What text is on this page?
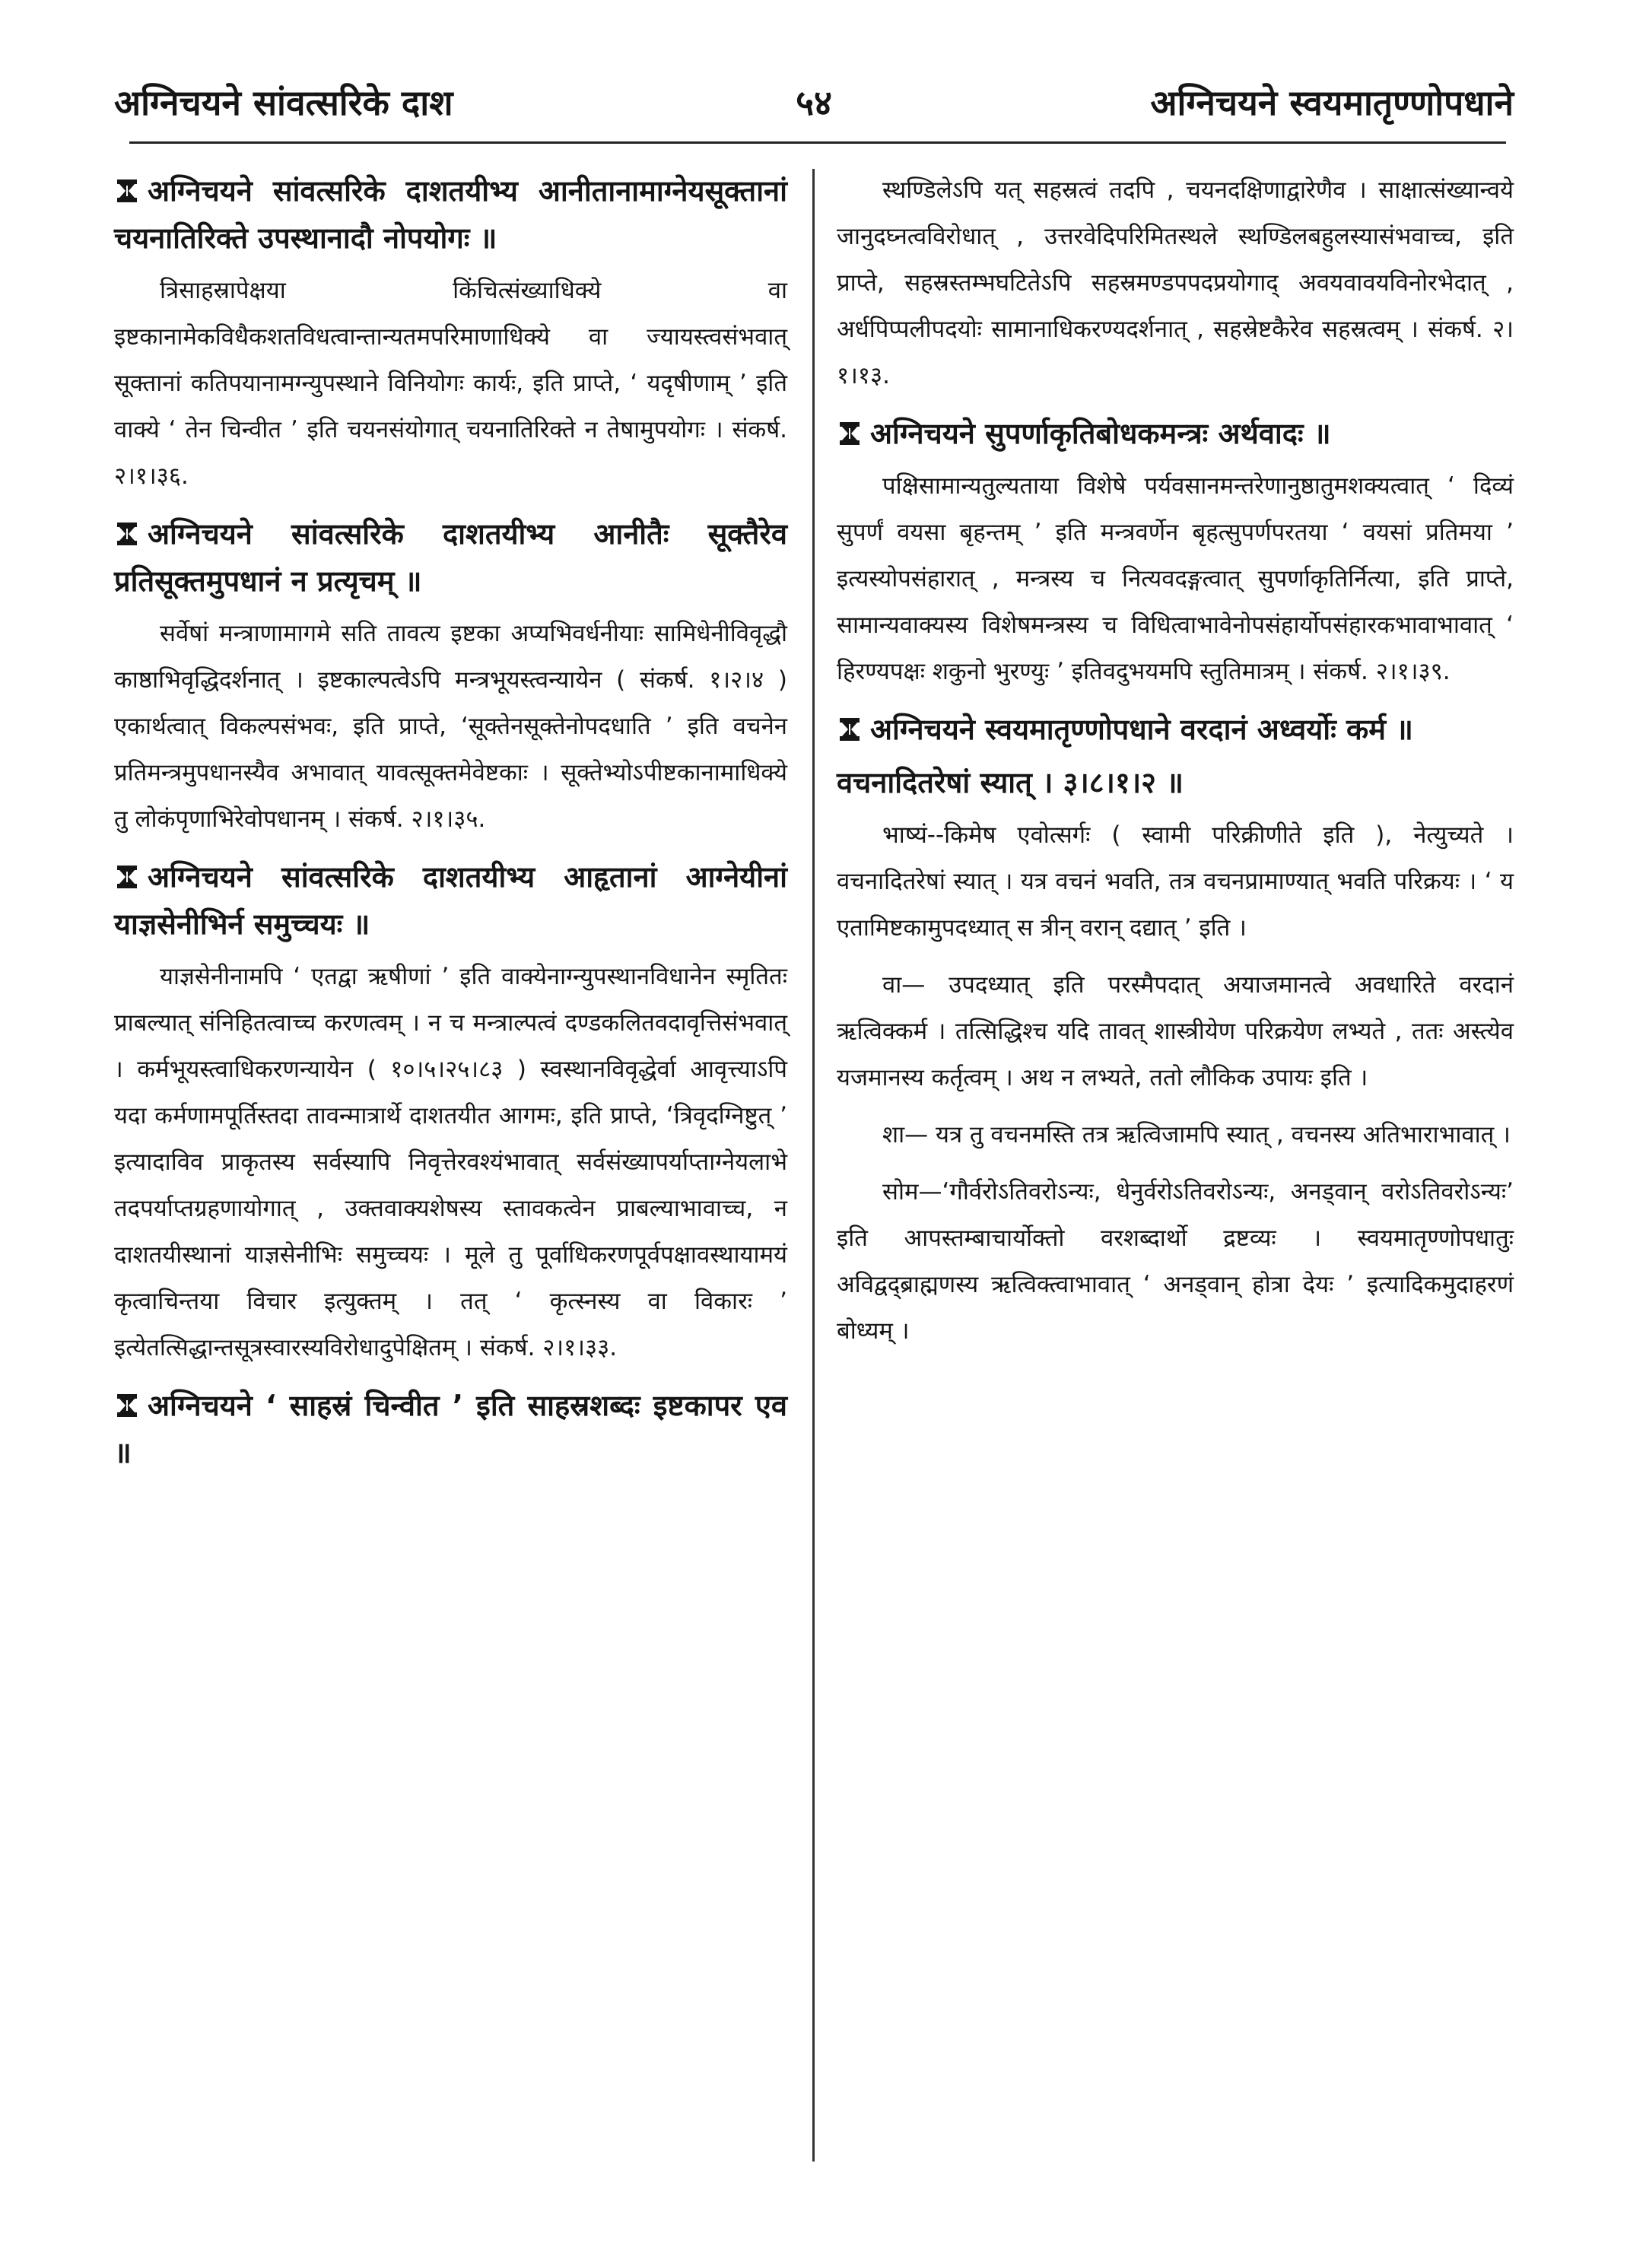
अग्निचयने सांवत्सरिके दाश	५४	अग्निचयने स्वयमातृण्णोपधाने
अग्निचयने सांवत्सरिके दाशतयीभ्य आनीतानामाग्नेयसूक्तानां चयनातिरिक्ते उपस्थानादौ नोपयोगः ॥

त्रिसाहस्रापेक्षया किंचित्संख्याधिक्ये वा इष्टकानामेकविधैकशतविधत्वान्तान्यतमपरिमाणाधिक्ये वा ज्यायस्त्वसंभवात् सूक्तानां कतिपयानामग्न्युपस्थाने विनियोगः कार्यः, इति प्राप्ते, ‘ यदृषीणाम् ’ इति वाक्ये ‘ तेन चिन्वीत ’ इति चयनसंयोगात् चयनातिरिक्ते न तेषामुपयोगः । संकर्ष. २।१।३६.

अग्निचयने सांवत्सरिके दाशतयीभ्य आनीतैः सूक्तैरेव प्रतिसूक्तमुपधानं न प्रत्यृचम् ॥

सर्वेषां मन्त्राणामागमे सति तावत्य इष्टका अप्यभिवर्धनीयाः सामिधेनीविवृद्धौ काष्ठाभिवृद्धिदर्शनात् । इष्टकाल्पत्वेऽपि मन्त्रभूयस्त्वन्यायेन ( संकर्ष. १।२।४ ) एकार्थत्वात् विकल्पसंभवः, इति प्राप्ते, ‘सूक्तेनसूक्तेनोपदधाति ’ इति वचनेन प्रतिमन्त्रमुपधानस्यैव अभावात् यावत्सूक्तमेवेष्टकाः । सूक्तेभ्योऽपीष्टकानामाधिक्ये तु लोकंपृणाभिरेवोपधानम् । संकर्ष. २।१।३५.

अग्निचयने सांवत्सरिके दाशतयीभ्य आहृतानां आग्नेयीनां याज्ञसेनीभिर्न समुच्चयः ॥

याज्ञसेनीनामपि ‘ एतद्वा ऋषीणां ’ इति वाक्येनाग्न्युपस्थानविधानेन स्मृतितः प्राबल्यात् संनिहितत्वाच्च करणत्वम् । न च मन्त्राल्पत्वं दण्डकलितवदावृत्तिसंभवात् । कर्मभूयस्त्वाधिकरणन्यायेन ( १०।५।२५।८३ ) स्वस्थानविवृद्धेर्वा आवृत्त्याऽपि यदा कर्मणामपूर्तिस्तदा तावन्मात्रार्थे दाशतयीत आगमः, इति प्राप्ते, ‘त्रिवृदग्निष्टुत् ’ इत्यादाविव प्राकृतस्य सर्वस्यापि निवृत्तेरवश्यंभावात् सर्वसंख्यापर्याप्ताग्नेयलाभे तदपर्याप्तग्रहणायोगात् , उक्तवाक्यशेषस्य स्तावकत्वेन प्राबल्याभावाच्च, न दाशतयीस्थानां याज्ञसेनीभिः समुच्चयः । मूले तु पूर्वाधिकरणपूर्वपक्षावस्थायामयं कृत्वाचिन्तया विचार इत्युक्तम् । तत् ‘ कृत्स्नस्य वा विकारः ’ इत्येतत्सिद्धान्तसूत्रस्वारस्यविरोधादुपेक्षितम् । संकर्ष. २।१।३३.

अग्निचयने ‘ साहस्रं चिन्वीत ’ इति साहस्रशब्दः इष्टकापर एव ॥

स्थण्डिलेऽपि यत् सहस्रत्वं तदपि , चयनदक्षिणाद्वारेणैव । साक्षात्संख्यान्वये जानुदघ्नत्वविरोधात् , उत्तरवेदिपरिमितस्थले स्थण्डिलबहुलस्यासंभवाच्च, इति प्राप्ते, सहस्रस्तम्भघटितेऽपि सहस्रमण्डपपदप्रयोगाद् अवयवावयविनोरभेदात् , अर्धपिप्पलीपदयोः सामानाधिकरण्यदर्शनात् , सहस्रेष्टकैरेव सहस्रत्वम् । संकर्ष. २।१।१३.

अग्निचयने सुपर्णाकृतिबोधकमन्त्रः अर्थवादः ॥

पक्षिसामान्यतुल्यताया विशेषे पर्यवसानमन्तरेणानुष्ठातुमशक्यत्वात् ‘ दिव्यं सुपर्णं वयसा बृहन्तम् ’ इति मन्त्रवर्णेन बृहत्सुपर्णपरतया ‘ वयसां प्रतिमया ’ इत्यस्योपसंहारात् , मन्त्रस्य च नित्यवदङ्गत्वात् सुपर्णाकृतिर्नित्या, इति प्राप्ते, सामान्यवाक्यस्य विशेषमन्त्रस्य च विधित्वाभावेनोपसंहार्योपसंहारकभावाभावात् ‘ हिरण्यपक्षः शकुनो भुरण्युः ’ इतिवदुभयमपि स्तुतिमात्रम् । संकर्ष. २।१।३९.

अग्निचयने स्वयमातृण्णोपधाने वरदानं अध्वर्योः कर्म ॥
वचनादितरेषां स्यात् । ३।८।१।२ ॥

भाष्यं--किमेष एवोत्सर्गः ( स्वामी परिक्रीणीते इति ), नेत्युच्यते । वचनादितरेषां स्यात् । यत्र वचनं भवति, तत्र वचनप्रामाण्यात् भवति परिक्रयः । ‘ य एतामिष्टकामुपदध्यात् स त्रीन् वरान् दद्यात् ’ इति ।

वा— उपदध्यात् इति परस्मैपदात् अयाजमानत्वे अवधारिते वरदानं ऋत्विक्कर्म । तत्सिद्धिश्च यदि तावत् शास्त्रीयेण परिक्रयेण लभ्यते , ततः अस्त्येव यजमानस्य कर्तृत्वम् । अथ न लभ्यते, ततो लौकिक उपायः इति ।

शा— यत्र तु वचनमस्ति तत्र ऋत्विजामपि स्यात् , वचनस्य अतिभाराभावात् ।

सोम—‘गौर्वरोऽतिवरोऽन्यः, धेनुर्वरोऽतिवरोऽन्यः, अनड्वान् वरोऽतिवरोऽन्यः’ इति आपस्तम्बाचार्योक्तो वरशब्दार्थो द्रष्टव्यः । स्वयमातृण्णोपधातुः अविद्वद्ब्राह्मणस्य ऋत्विक्त्वाभावात् ‘ अनड्वान् होत्रा देयः ’ इत्यादिकमुदाहरणं बोध्यम् ।
